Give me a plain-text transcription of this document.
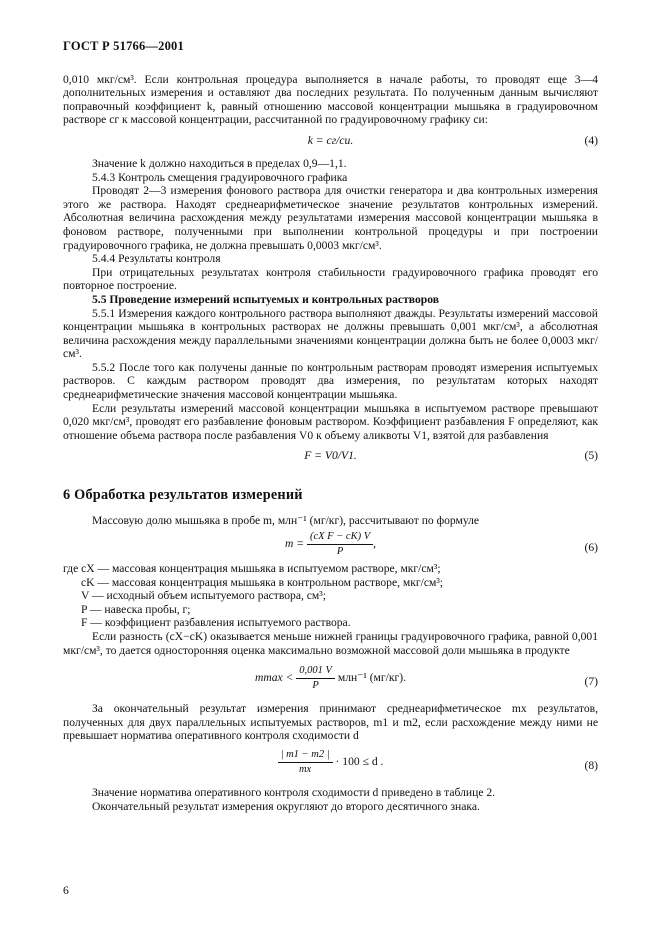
ГОСТ Р 51766—2001

0,010 мкг/см³. Если контрольная процедура выполняется в начале работы, то проводят еще 3—4 дополнительных измерения и оставляют два последних результата. По полученным данным вычисляют поправочный коэффициент k, равный отношению массовой концентрации мышьяка в градуировочном растворе cг к массовой концентрации, рассчитанной по градуировочному графику cи:

k = cг/cи.	(4)

Значение k должно находиться в пределах 0,9—1,1.

5.4.3 Контроль смещения градуировочного графика

Проводят 2—3 измерения фонового раствора для очистки генератора и два контрольных измерения этого же раствора. Находят среднеарифметическое значение результатов контрольных измерений. Абсолютная величина расхождения между результатами измерения массовой концентрации мышьяка в фоновом растворе, полученными при выполнении контрольной процедуры и при построении градуировочного графика, не должна превышать 0,0003 мкг/см³.

5.4.4 Результаты контроля

При отрицательных результатах контроля стабильности градуировочного графика проводят его повторное построение.

5.5 Проведение измерений испытуемых и контрольных растворов

5.5.1 Измерения каждого контрольного раствора выполняют дважды. Результаты измерений массовой концентрации мышьяка в контрольных растворах не должны превышать 0,001 мкг/см³, а абсолютная величина расхождения между параллельными значениями концентрации должна быть не более 0,0003 мкг/см³.

5.5.2 После того как получены данные по контрольным растворам проводят измерения испытуемых растворов. С каждым раствором проводят два измерения, по результатам которых находят среднеарифметические значения массовой концентрации мышьяка.

Если результаты измерений массовой концентрации мышьяка в испытуемом растворе превышают 0,020 мкг/см³, проводят его разбавление фоновым раствором. Коэффициент разбавления F определяют, как отношение объема раствора после разбавления V0 к объему аликвоты V1, взятой для разбавления

F = V0/V1.	(5)
6 Обработка результатов измерений

Массовую долю мышьяка в пробе m, млн⁻¹ (мг/кг), рассчитывают по формуле

$m = \frac{\text{(cX F − cK) V}}{P}$ ,	(6)
где cX — массовая концентрация мышьяка в испытуемом растворе, мкг/см³;
cK — массовая концентрация мышьяка в контрольном растворе, мкг/см³;
V — исходный объем испытуемого раствора, см³;
P — навеска пробы, г;
F — коэффициент разбавления испытуемого раствора.

Если разность (cX−cK) оказывается меньше нижней границы градуировочного графика, равной 0,001 мкг/см³, то дается односторонняя оценка максимально возможной массовой доли мышьяка в продукте

$mmax < \frac{0,001 V}{P} млн^{-1}$ (мг/кг).	(7)

За окончательный результат измерения принимают среднеарифметическое mx результатов, полученных для двух параллельных испытуемых растворов, m1 и m2, если расхождение между ними не превышает норматива оперативного контроля сходимости d

$\frac{| m1 - m2 |}{mx} \cdot 100 \le d$ .	(8)

Значение норматива оперативного контроля сходимости d приведено в таблице 2.

Окончательный результат измерения округляют до второго десятичного знака.

6
